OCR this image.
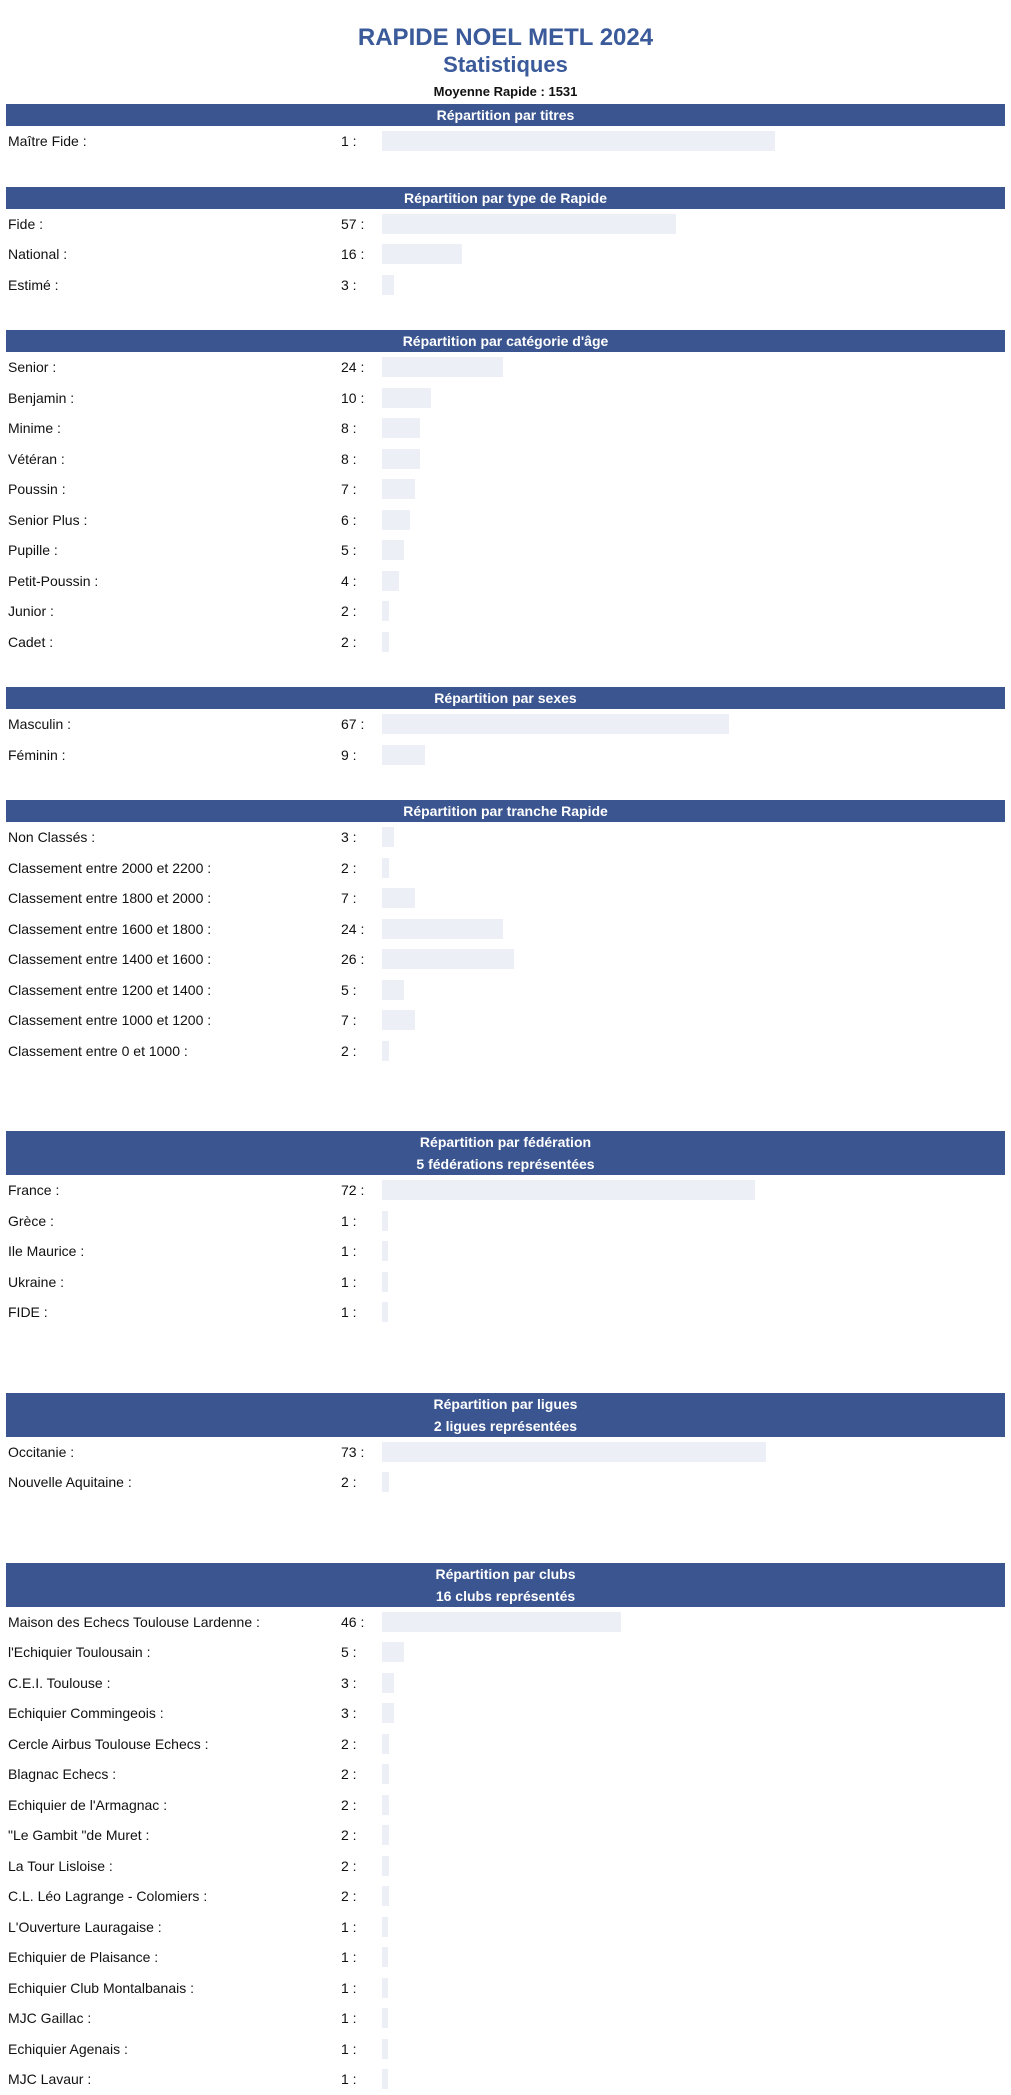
RAPIDE NOEL METL 2024
Statistiques
Moyenne Rapide : 1531
Répartition par titres
Maître Fide :	1 :
Répartition par type de Rapide
Fide :	57 :
National :	16 :
Estimé :	3 :
Répartition par catégorie d'âge
Senior :	24 :
Benjamin :	10 :
Minime :	8 :
Vétéran :	8 :
Poussin :	7 :
Senior Plus :	6 :
Pupille :	5 :
Petit-Poussin :	4 :
Junior :	2 :
Cadet :	2 :
Répartition par sexes
Masculin :	67 :
Féminin :	9 :
Répartition par tranche Rapide
Non Classés :	3 :
Classement entre 2000 et 2200 :	2 :
Classement entre 1800 et 2000 :	7 :
Classement entre 1600 et 1800 :	24 :
Classement entre 1400 et 1600 :	26 :
Classement entre 1200 et 1400 :	5 :
Classement entre 1000 et 1200 :	7 :
Classement entre 0 et 1000 :	2 :
Répartition par fédération
5 fédérations représentées
France :	72 :
Grèce :	1 :
Ile Maurice :	1 :
Ukraine :	1 :
FIDE :	1 :
Répartition par ligues
2 ligues représentées
Occitanie :	73 :
Nouvelle Aquitaine :	2 :
Répartition par clubs
16 clubs représentés
Maison des Echecs Toulouse Lardenne :	46 :
l'Echiquier Toulousain :	5 :
C.E.I. Toulouse :	3 :
Echiquier Commingeois :	3 :
Cercle Airbus Toulouse Echecs :	2 :
Blagnac Echecs :	2 :
Echiquier de l'Armagnac :	2 :
"Le Gambit "de Muret :	2 :
La Tour Lisloise :	2 :
C.L. Léo Lagrange - Colomiers :	2 :
L'Ouverture Lauragaise :	1 :
Echiquier de Plaisance :	1 :
Echiquier Club Montalbanais :	1 :
MJC Gaillac :	1 :
Echiquier Agenais :	1 :
MJC Lavaur :	1 :
